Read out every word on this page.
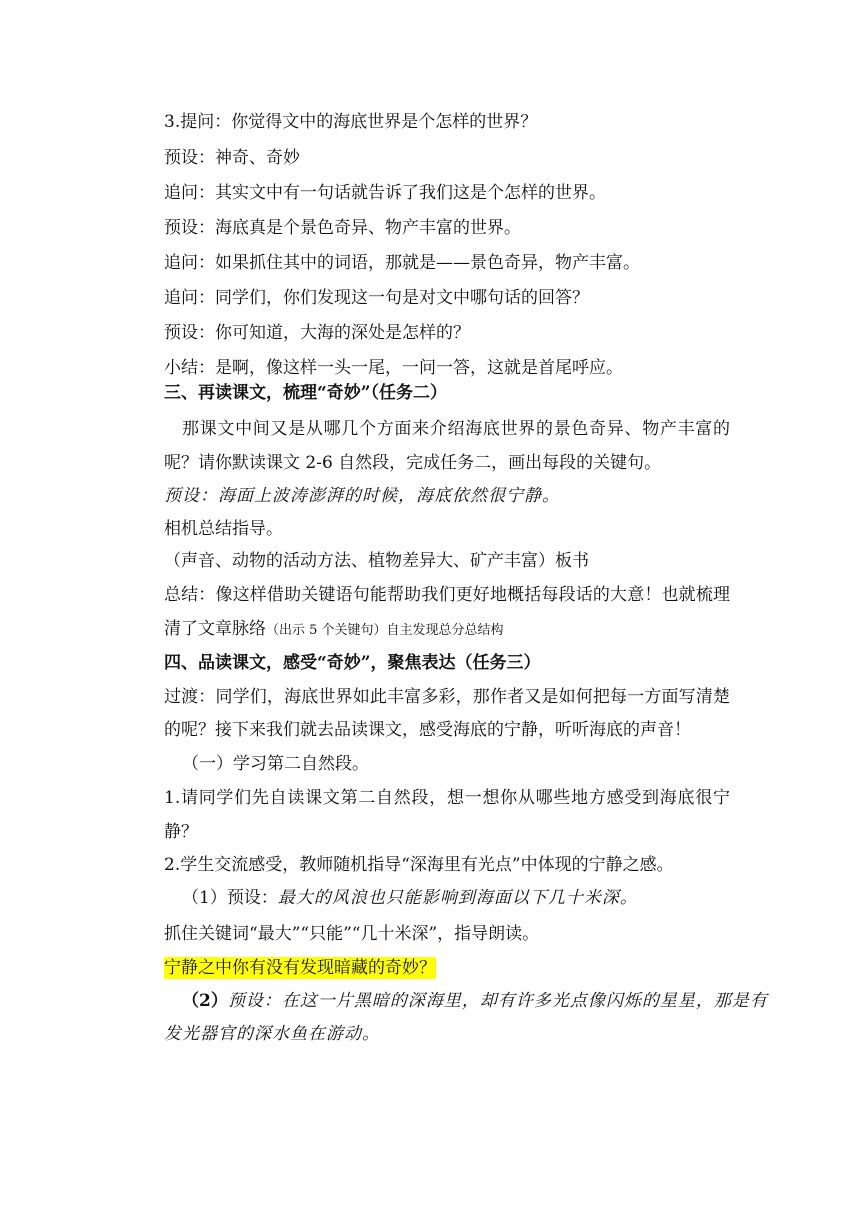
3.提问：你觉得文中的海底世界是个怎样的世界？
预设：神奇、奇妙
追问：其实文中有一句话就告诉了我们这是个怎样的世界。
预设：海底真是个景色奇异、物产丰富的世界。
追问：如果抓住其中的词语，那就是——景色奇异，物产丰富。
追问：同学们，你们发现这一句是对文中哪句话的回答？
预设：你可知道，大海的深处是怎样的？
小结：是啊，像这样一头一尾，一问一答，这就是首尾呼应。
三、再读课文，梳理“奇妙”（任务二）
那课文中间又是从哪几个方面来介绍海底世界的景色奇异、物产丰富的
呢？请你默读课文 2-6 自然段，完成任务二，画出每段的关键句。
预设：海面上波涛澎湃的时候，海底依然很宁静。
相机总结指导。
（声音、动物的活动方法、植物差异大、矿产丰富）板书
总结：像这样借助关键语句能帮助我们更好地概括每段话的大意！也就梳理
清了文章脉络（出示 5 个关键句）自主发现总分总结构
四、品读课文，感受“奇妙”，聚焦表达（任务三）
过渡：同学们，海底世界如此丰富多彩，那作者又是如何把每一方面写清楚
的呢？接下来我们就去品读课文，感受海底的宁静，听听海底的声音！
（一）学习第二自然段。
1.请同学们先自读课文第二自然段，想一想你从哪些地方感受到海底很宁
静？
2.学生交流感受，教师随机指导“深海里有光点”中体现的宁静之感。
（1）预设：最大的风浪也只能影响到海面以下几十米深。
抓住关键词“最大”“只能”“几十米深”，指导朗读。
宁静之中你有没有发现暗藏的奇妙？
（2）预设：在这一片黑暗的深海里，却有许多光点像闪烁的星星，那是有
发光器官的深水鱼在游动。
